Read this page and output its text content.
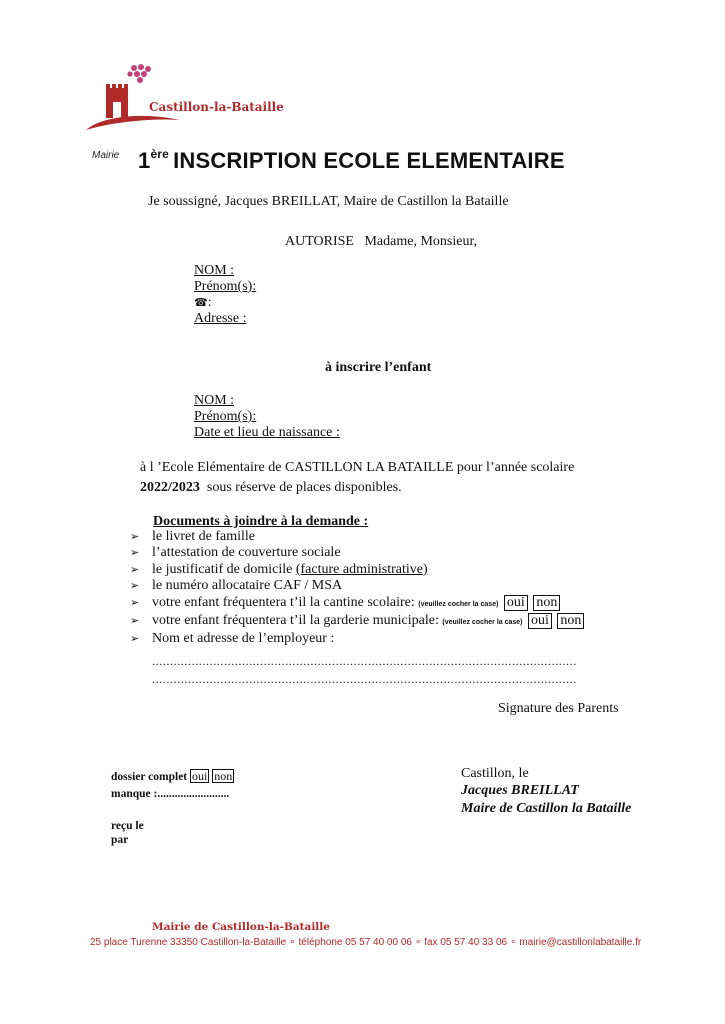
Castillon-la-Bataille
Mairie 1ère INSCRIPTION ECOLE ELEMENTAIRE
Je soussigné, Jacques BREILLAT, Maire de Castillon la Bataille
AUTORISE Madame, Monsieur,
NOM :
Prénom(s):
☎:
Adresse :
à inscrire l’enfant
NOM :
Prénom(s):
Date et lieu de naissance :
à l ’Ecole Elémentaire de CASTILLON LA BATAILLE pour l’année scolaire
2022/2023 sous réserve de places disponibles.
Documents à joindre à la demande :
➢ le livret de famille
➢ l’attestation de couverture sociale
➢ le justificatif de domicile (facture administrative)
➢ le numéro allocataire CAF / MSA
➢ votre enfant fréquentera t’il la cantine scolaire: (veuillez cocher la case) oui non
➢ votre enfant fréquentera t’il la garderie municipale: (veuillez cocher la case) oui non
➢ Nom et adresse de l’employeur :
......................................................................................................................
......................................................................................................................
Signature des Parents
dossier complet oui non
manque :.........................
reçu le
par
Castillon, le
Jacques BREILLAT
Maire de Castillon la Bataille
Mairie de Castillon-la-Bataille
25 place Turenne 33350 Castillon-la-Bataille ∘ téléphone 05 57 40 00 06 ∘ fax 05 57 40 33 06 ∘ mairie@castillonlabataille.fr
